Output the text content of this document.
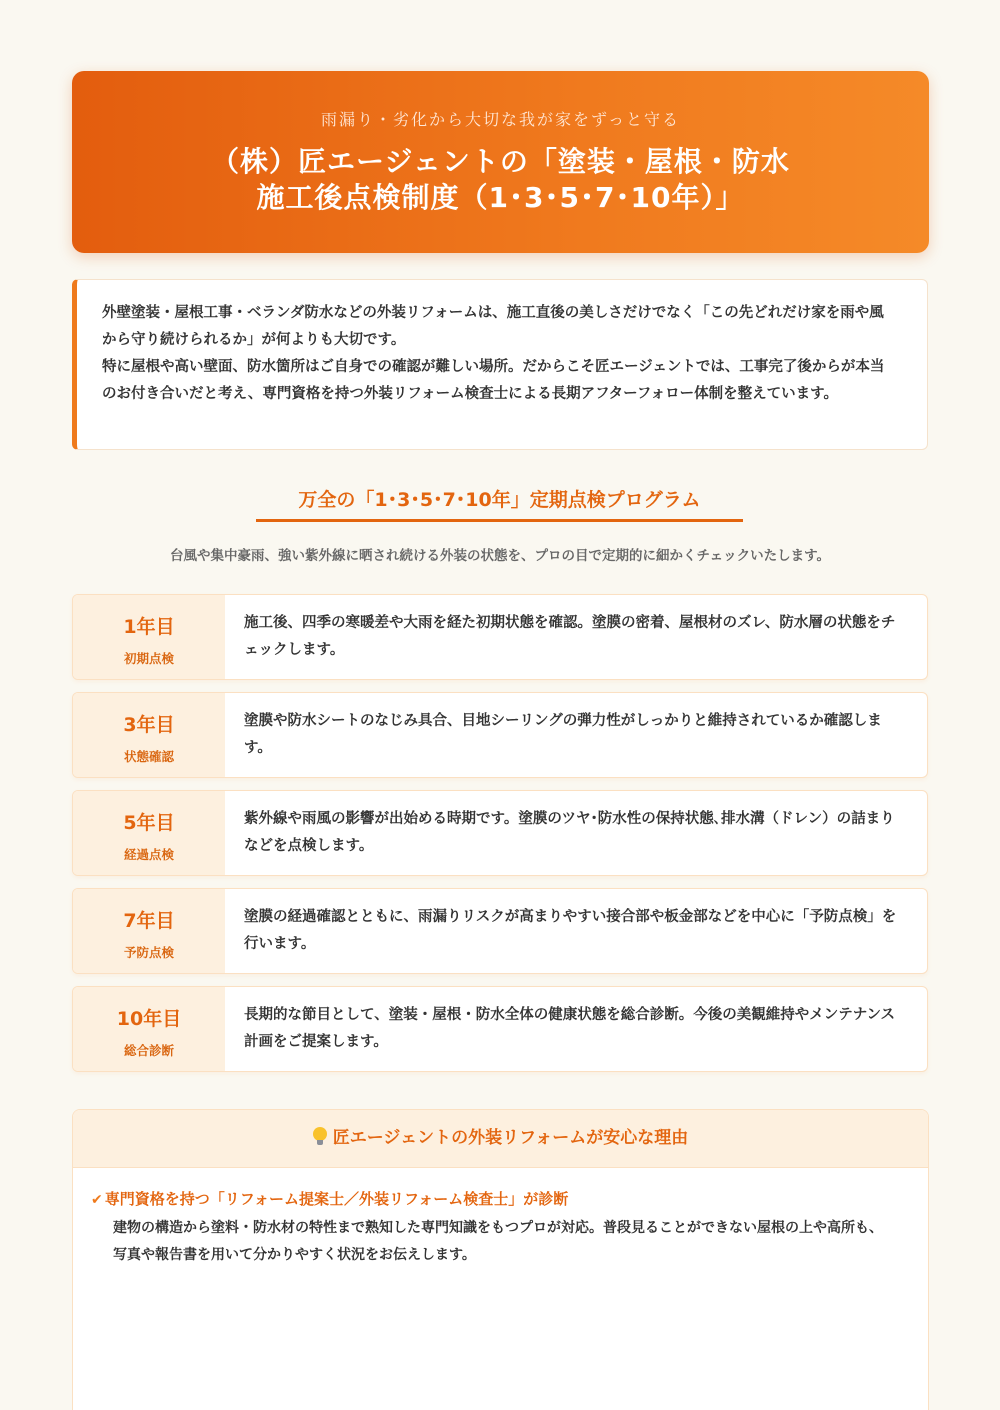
雨漏り・劣化から大切な我が家をずっと守る
（株）匠エージェントの「塗装・屋根・防水
施工後点検制度（1･3･5･7･10年）」

外壁塗装・屋根工事・ベランダ防水などの外装リフォームは、施工直後の美しさだけでなく「この先どれだけ家を雨や風から守り続けられるか」が何よりも大切です。

特に屋根や高い壁面、防水箇所はご自身での確認が難しい場所。だからこそ匠エージェントでは、工事完了後からが本当のお付き合いだと考え、専門資格を持つ外装リフォーム検査士による長期アフターフォロー体制を整えています。

万全の「1･3･5･7･10年」定期点検プログラム
台風や集中豪雨、強い紫外線に晒され続ける外装の状態を、プロの目で定期的に細かくチェックいたします。
1年目
初期点検
施工後、四季の寒暖差や大雨を経た初期状態を確認。塗膜の密着、屋根材のズレ、防水層の状態をチェックします。
3年目
状態確認
塗膜や防水シートのなじみ具合、目地シーリングの弾力性がしっかりと維持されているか確認します。
5年目
経過点検
紫外線や雨風の影響が出始める時期です。塗膜のツヤ･防水性の保持状態､排水溝（ドレン）の詰まりなどを点検します。
7年目
予防点検
塗膜の経過確認とともに、雨漏りリスクが高まりやすい接合部や板金部などを中心に「予防点検」を行います。
10年目
総合診断
長期的な節目として、塗装・屋根・防水全体の健康状態を総合診断。今後の美観維持やメンテナンス計画をご提案します。
匠エージェントの外装リフォームが安心な理由
✔ 専門資格を持つ「リフォーム提案士／外装リフォーム検査士」が診断
建物の構造から塗料・防水材の特性まで熟知した専門知識をもつプロが対応。普段見ることができない屋根の上や高所も、写真や報告書を用いて分かりやすく状況をお伝えします。
